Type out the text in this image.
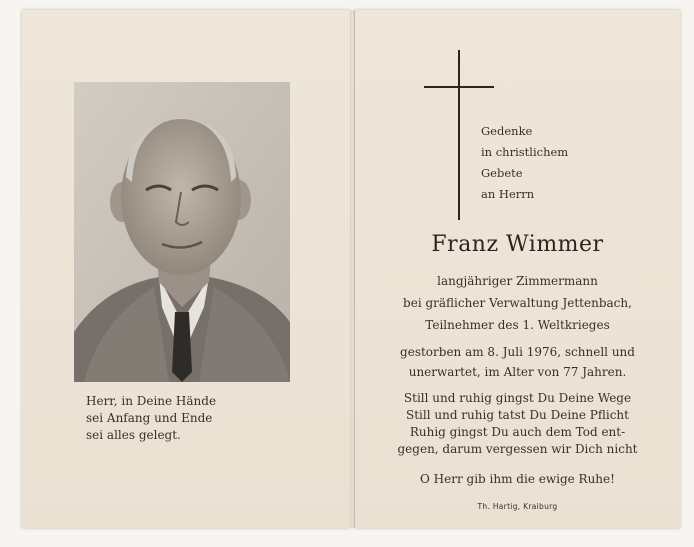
Herr, in Deine Hände
sei Anfang und Ende
sei alles gelegt.
Gedenke
in christlichem
Gebete
an Herrn
Franz Wimmer
langjähriger Zimmermann
bei gräflicher Verwaltung Jettenbach,
Teilnehmer des 1. Weltkrieges
gestorben am 8. Juli 1976, schnell und
unerwartet, im Alter von 77 Jahren.
Still und ruhig gingst Du Deine Wege
Still und ruhig tatst Du Deine Pflicht
Ruhig gingst Du auch dem Tod ent-
gegen, darum vergessen wir Dich nicht
O Herr gib ihm die ewige Ruhe!
Th. Hartig, Kraiburg
